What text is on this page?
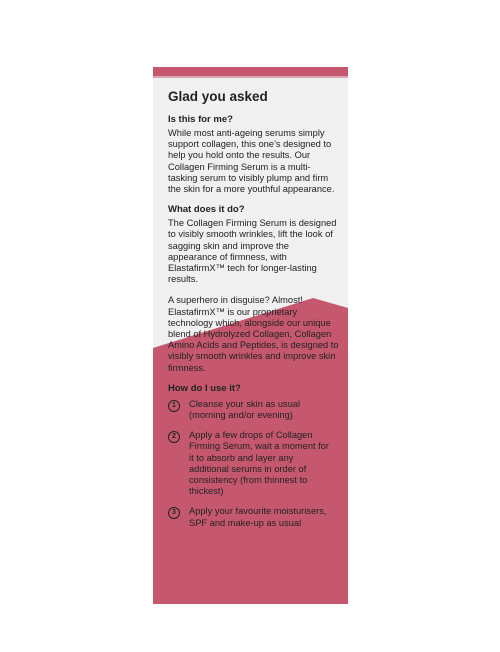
Glad you asked
Is this for me?
While most anti-ageing serums simply support collagen, this one’s designed to help you hold onto the results. Our Collagen Firming Serum is a multi-tasking serum to visibly plump and firm the skin for a more youthful appearance.
What does it do?
The Collagen Firming Serum is designed to visibly smooth wrinkles, lift the look of sagging skin and improve the appearance of firmness, with ElastafirmX™ tech for longer-lasting results.
A superhero in disguise? Almost! ElastafirmX™ is our proprietary technology which, alongside our unique blend of Hydrolyzed Collagen, Collagen Amino Acids and Peptides, is designed to visibly smooth wrinkles and improve skin firmness.
How do I use it?
1	Cleanse your skin as usual (morning and/or evening)
2	Apply a few drops of Collagen Firming Serum, wait a moment for it to absorb and layer any additional serums in order of consistency (from thinnest to thickest)
3	Apply your favourite moisturisers, SPF and make-up as usual
